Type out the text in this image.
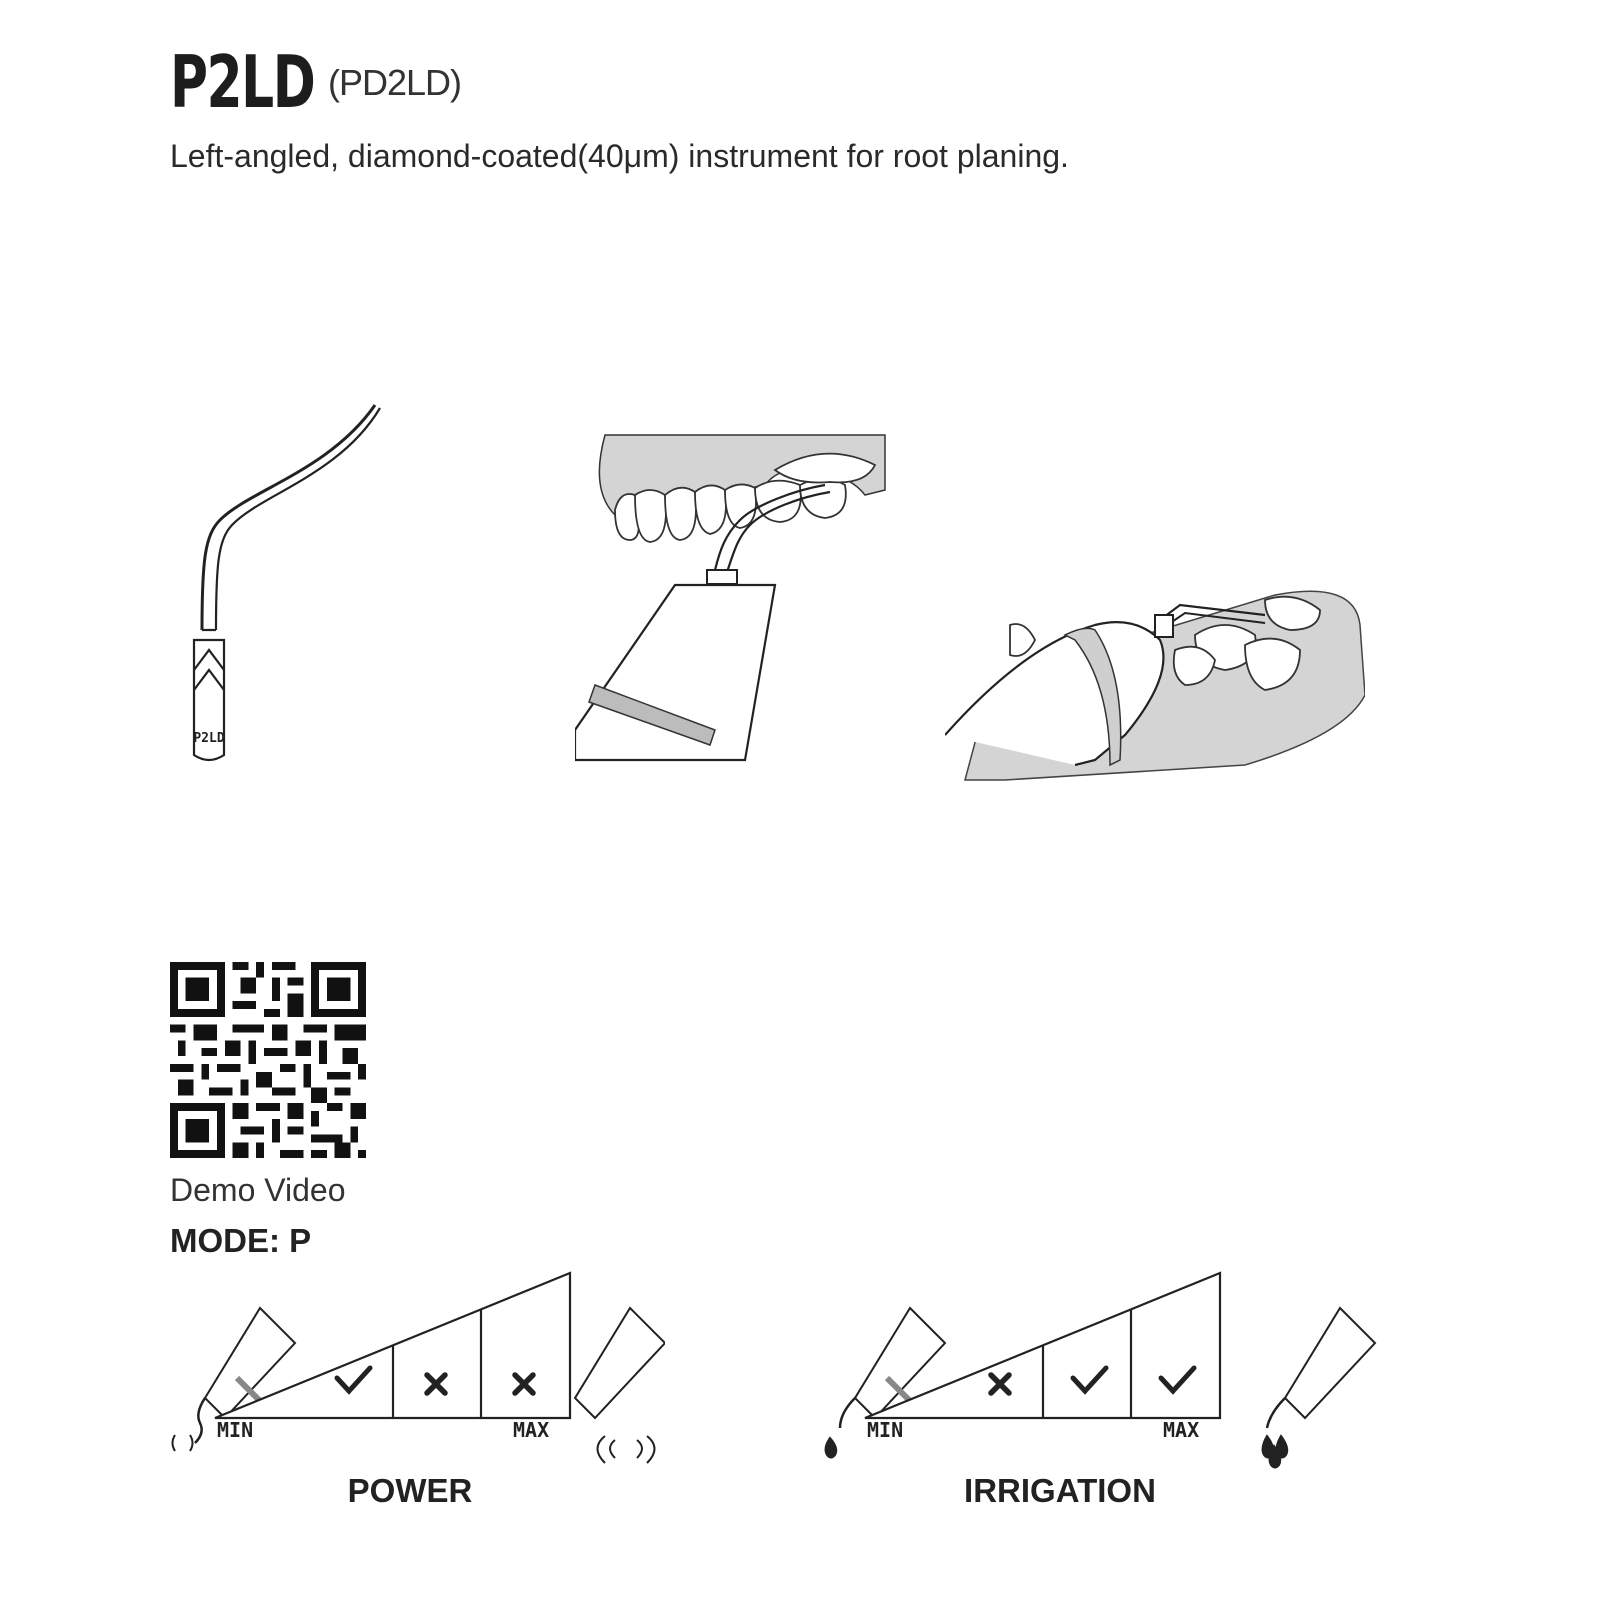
P2LD (PD2LD)
Left-angled, diamond-coated(40μm) instrument for root planing.
P2LD
Demo Video
MODE: P
MIN	MAX
POWER
MIN	MAX
IRRIGATION
